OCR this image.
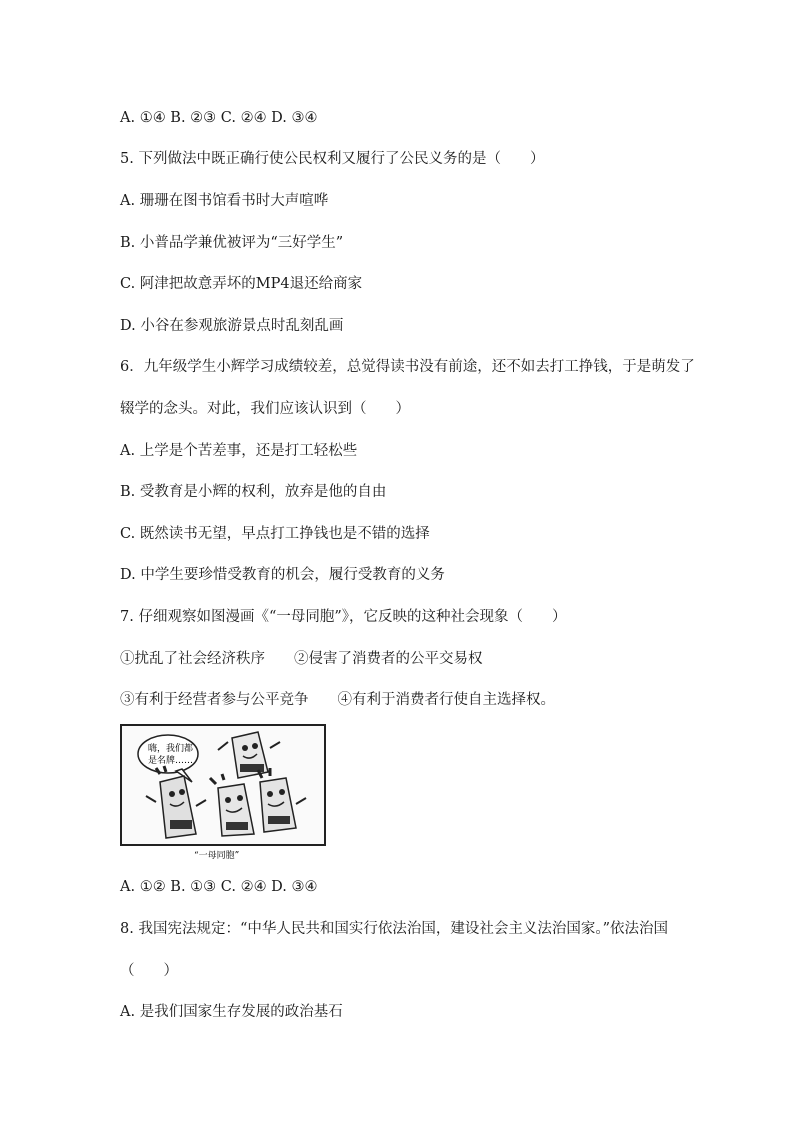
A. ①④ B. ②③ C. ②④ D. ③④
5. 下列做法中既正确行使公民权利又履行了公民义务的是（　　）
A. 珊珊在图书馆看书时大声喧哗
B. 小普品学兼优被评为“三好学生”
C. 阿津把故意弄坏的MP4退还给商家
D. 小谷在参观旅游景点时乱刻乱画
6．九年级学生小辉学习成绩较差，总觉得读书没有前途，还不如去打工挣钱，于是萌发了
辍学的念头。对此，我们应该认识到（　　）
A. 上学是个苦差事，还是打工轻松些
B. 受教育是小辉的权利，放弃是他的自由
C. 既然读书无望，早点打工挣钱也是不错的选择
D. 中学生要珍惜受教育的机会，履行受教育的义务
7. 仔细观察如图漫画《“一母同胞”》，它反映的这种社会现象（　　）
①扰乱了社会经济秩序　　②侵害了消费者的公平交易权
③有利于经营者参与公平竞争　　④有利于消费者行使自主选择权。
嗨，我们都
是名牌……
“一母同胞”
A. ①② B. ①③ C. ②④ D. ③④
8. 我国宪法规定：“中华人民共和国实行依法治国，建设社会主义法治国家。”依法治国
（　　）
A. 是我们国家生存发展的政治基石
